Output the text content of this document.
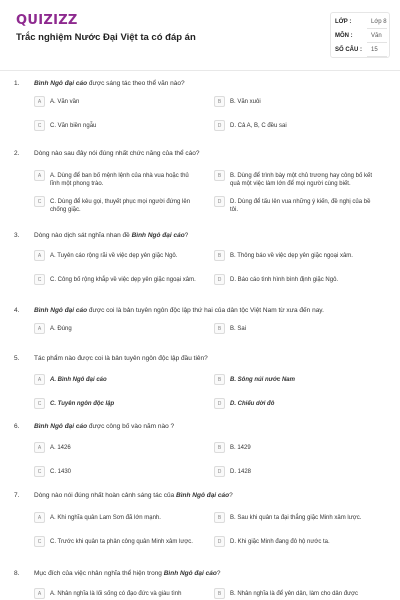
QUIZIZZ
Trắc nghiệm Nước Đại Việt ta có đáp án
LỚP :	Lớp 8
MÔN :	Văn
SỐ CÂU : 15
1. Bình Ngô đại cáo được sáng tác theo thể văn nào?
2. Dòng nào sau đây nói đúng nhất chức năng của thể cáo?
3. Dòng nào dịch sát nghĩa nhan đề Bình Ngô đại cáo?
4. Bình Ngô đại cáo được coi là bản tuyên ngôn độc lập thứ hai của dân tộc Việt Nam từ xưa đến nay.
5. Tác phẩm nào được coi là bản tuyên ngôn độc lập đầu tiên?
6. Bình Ngô đại cáo được công bố vào năm nào ?
7. Dòng nào nói đúng nhất hoàn cảnh sáng tác của Bình Ngô đại cáo?
8. Mục đích của việc nhân nghĩa thể hiện trong Bình Ngô đại cáo?
A	A. Văn vần	B	B. Văn xuôi
C	C. Văn biền ngẫu	D	D. Cả A, B, C đều sai
A	A. Dùng để ban bố mệnh lệnh của nhà vua hoặc thủ lĩnh một phong trào.
B	B. Dùng để trình bày một chủ trương hay công bố kết quả một việc làm lớn để mọi người cùng biết.
C	C. Dùng để kêu gọi, thuyết phục mọi người đứng lên chống giặc.
D	D. Dùng để tấu lên vua những ý kiến, đề nghị của bề tôi.
A	A. Tuyên cáo rộng rãi về việc dẹp yên giặc Ngô.	B	B. Thông báo về việc dẹp yên giặc ngoại xâm.
C	C. Công bố rộng khắp về việc dẹp yên giặc ngoại xâm.	D	D. Báo cáo tình hình bình định giặc Ngô.
A	A. Đúng	B	B. Sai
A	A. Bình Ngô đại cáo	B	B. Sông núi nước Nam
C	C. Tuyên ngôn độc lập	D	D. Chiếu dời đô
A	A. 1426	B	B. 1429
C	C. 1430	D	D. 1428
A	A. Khi nghĩa quân Lam Sơn đã lớn mạnh.	B	B. Sau khi quân ta đại thắng giặc Minh xâm lược.
C	C. Trước khi quân ta phản công quân Minh xâm lược.	D	D. Khi giặc Minh đang đô hộ nước ta.
A	A. Nhân nghĩa là lối sống có đạo đức và giàu tình	B	B. Nhân nghĩa là để yên dân, làm cho dân được
